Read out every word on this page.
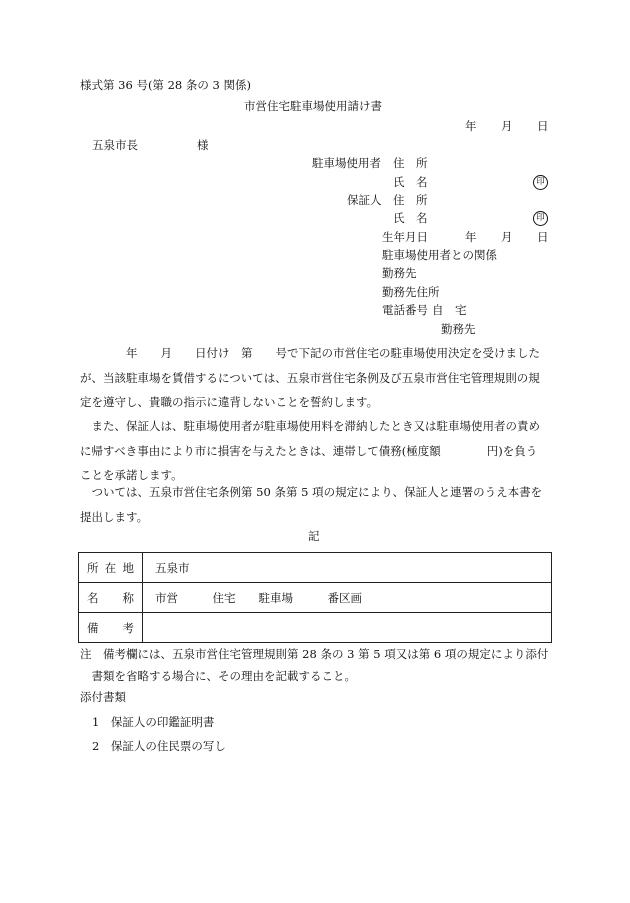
様式第 36 号(第 28 条の 3 関係)
市営住宅駐車場使用請け書
年 月 日
五泉市長	様
駐車場使用者 住　所
氏　名	印
保証人 住　所
氏　名	印
生年月日	年 月 日
駐車場使用者との関係
勤務先
勤務先住所
電話番号 自　宅
勤務先
　　　　年　　月　　日付け　第　　号で下記の市営住宅の駐車場使用決定を受けました
が、当該駐車場を賃借するについては、五泉市営住宅条例及び五泉市営住宅管理規則の規
定を遵守し、貴職の指示に違背しないことを誓約します。
　また、保証人は、駐車場使用者が駐車場使用料を滞納したとき又は駐車場使用者の責め
に帰すべき事由により市に損害を与えたときは、連帯して債務(極度額　　　　円)を負う
ことを承諾します。
　ついては、五泉市営住宅条例第 50 条第 5 項の規定により、保証人と連署のうえ本書を
提出します。
記
所 在 地	五泉市

名 称	市営　　　住宅　　駐車場　　　番区画

備 考	

注　備考欄には、五泉市営住宅管理規則第 28 条の 3 第 5 項又は第 6 項の規定により添付
　書類を省略する場合に、その理由を記載すること。
添付書類
1　保証人の印鑑証明書
2　保証人の住民票の写し
